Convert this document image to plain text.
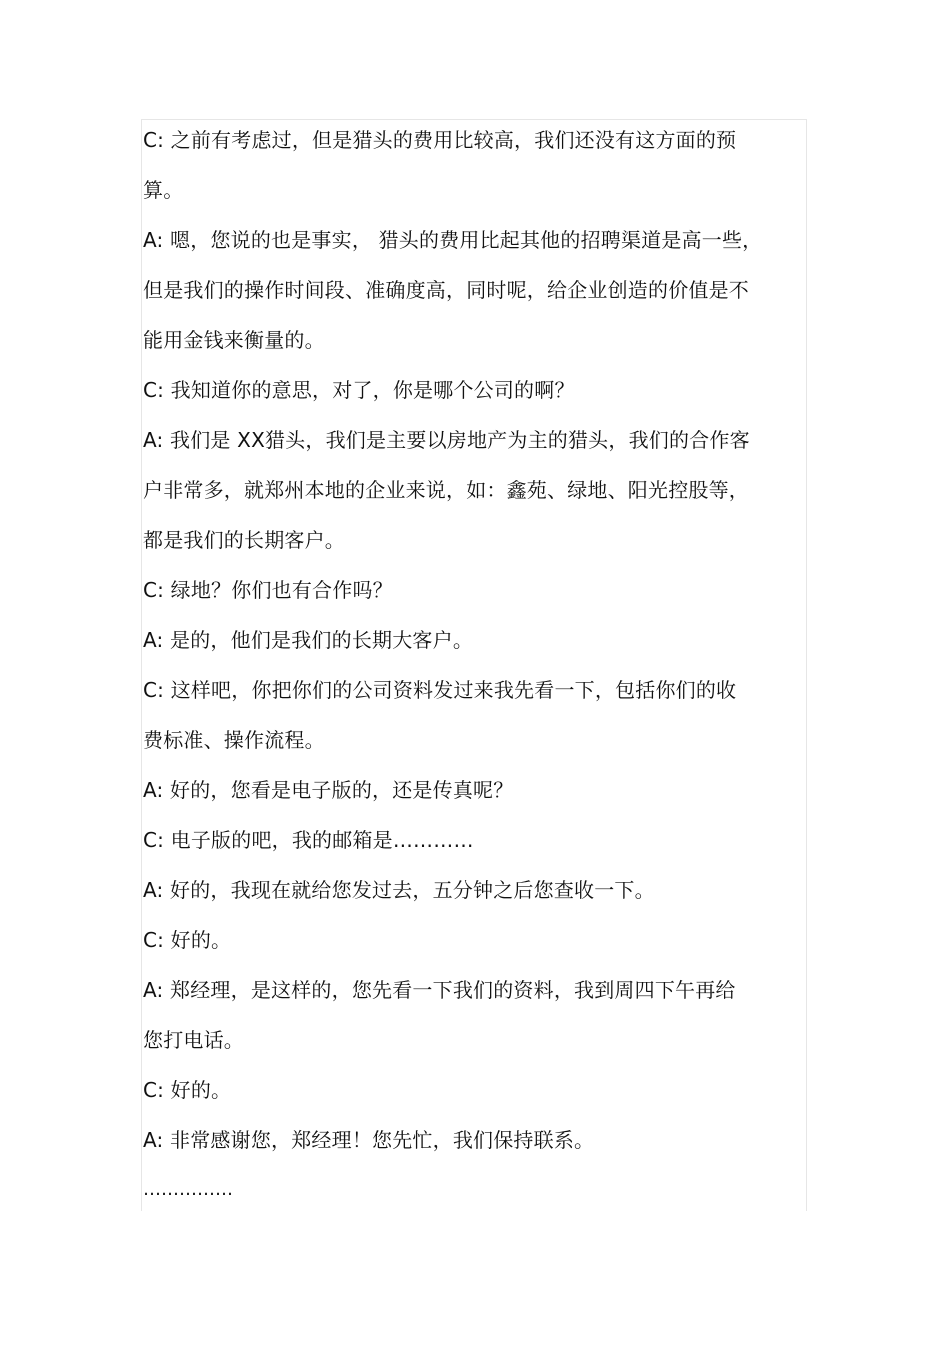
C: 之前有考虑过，但是猎头的费用比较高，我们还没有这方面的预
算。
A: 嗯，您说的也是事实， 猎头的费用比起其他的招聘渠道是高一些，
但是我们的操作时间段、准确度高，同时呢，给企业创造的价值是不
能用金钱来衡量的。
C: 我知道你的意思，对了，你是哪个公司的啊？
A: 我们是 XX猎头，我们是主要以房地产为主的猎头，我们的合作客
户非常多，就郑州本地的企业来说，如：鑫苑、绿地、阳光控股等，
都是我们的长期客户。
C: 绿地？你们也有合作吗？
A: 是的，他们是我们的长期大客户。
C: 这样吧，你把你们的公司资料发过来我先看一下，包括你们的收
费标准、操作流程。
A: 好的，您看是电子版的，还是传真呢？
C: 电子版的吧，我的邮箱是…………
A: 好的，我现在就给您发过去，五分钟之后您查收一下。
C: 好的。
A: 郑经理，是这样的，您先看一下我们的资料，我到周四下午再给
您打电话。
C: 好的。
A: 非常感谢您，郑经理！您先忙，我们保持联系。
……………
